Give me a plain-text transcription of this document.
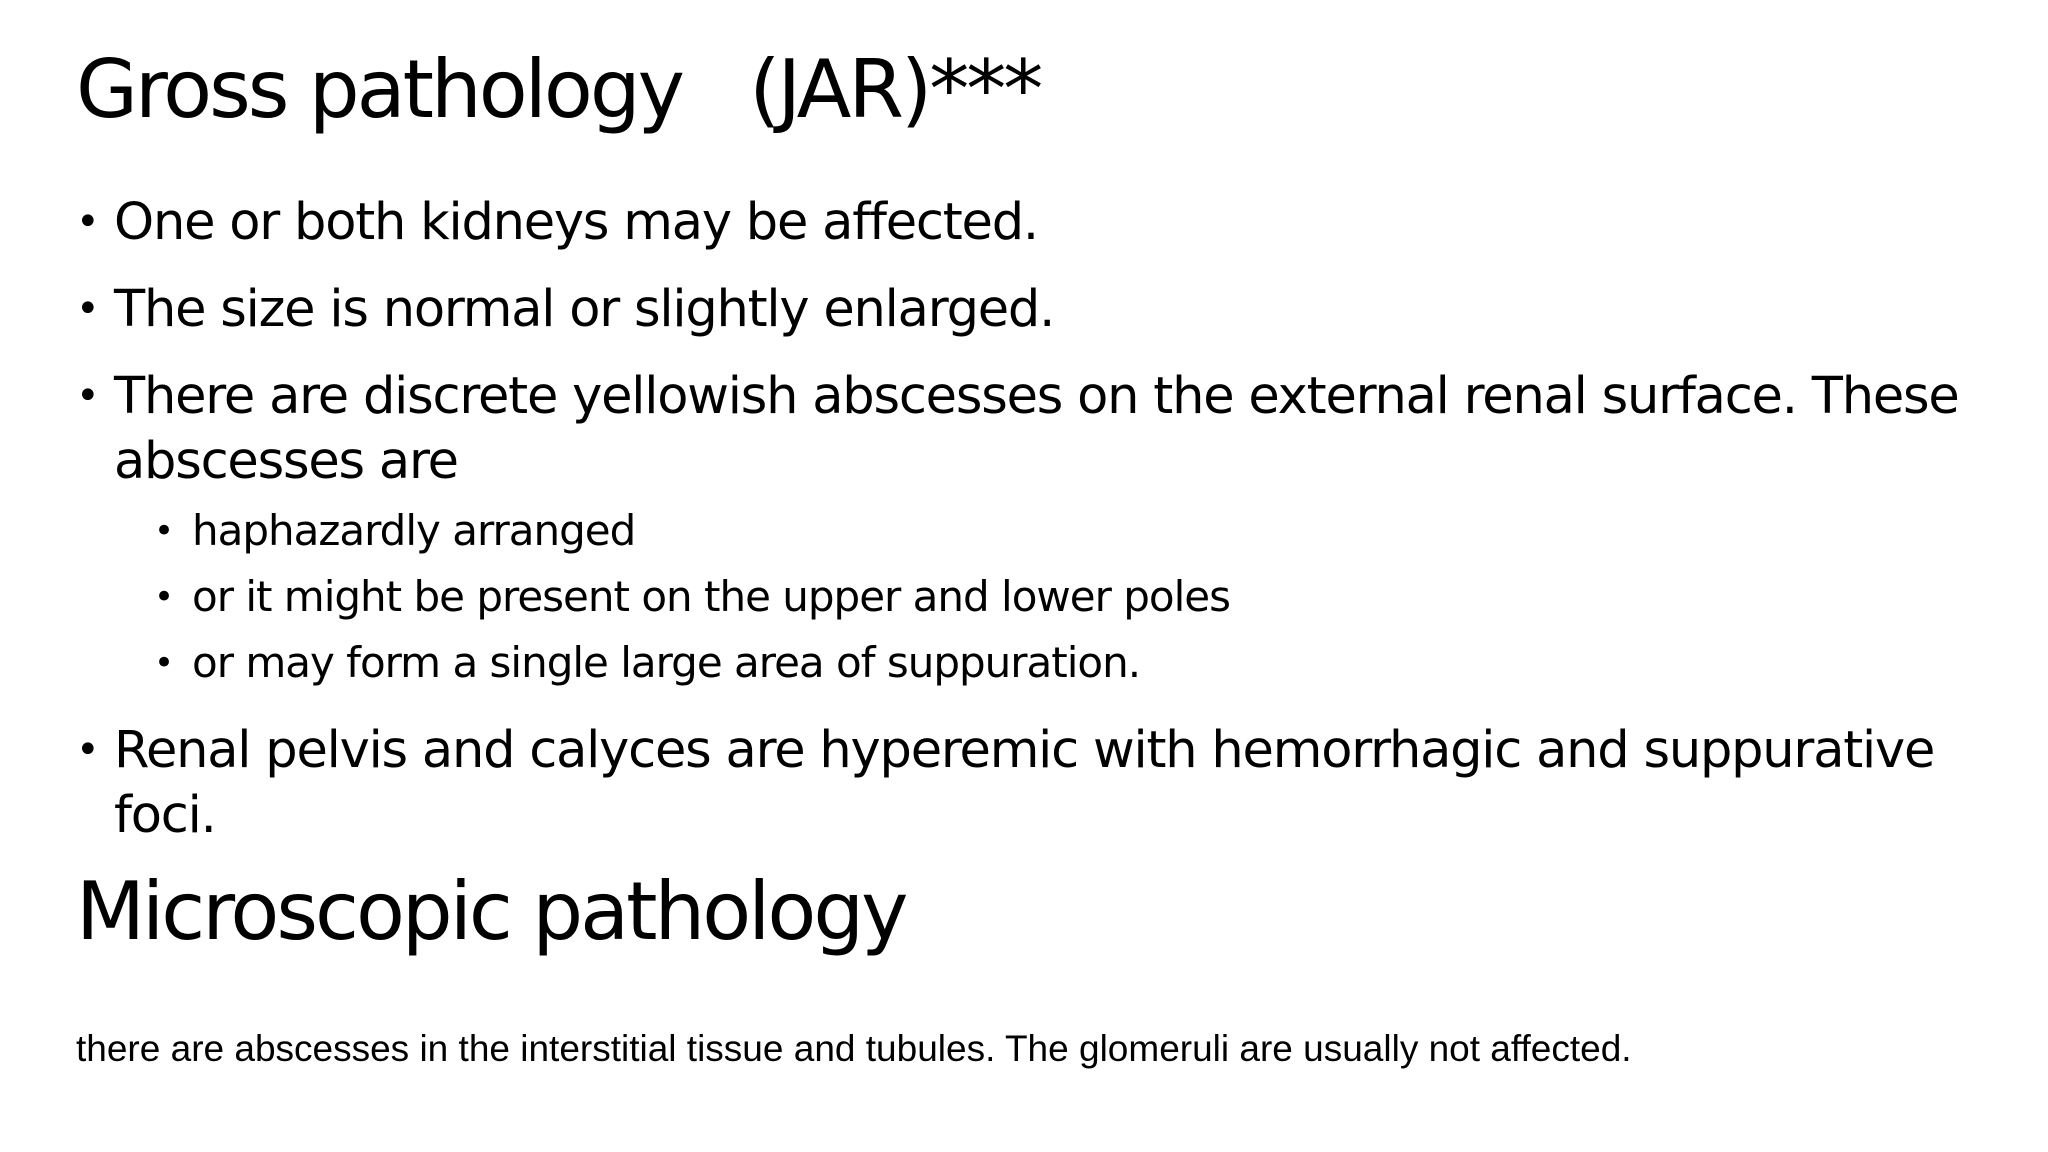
Gross pathology   (JAR)***
• One or both kidneys may be affected.
• The size is normal or slightly enlarged.
• There are discrete yellowish abscesses on the external renal surface. These abscesses are
• haphazardly arranged
• or it might be present on the upper and lower poles
• or may form a single large area of suppuration.
• Renal pelvis and calyces are hyperemic with hemorrhagic and suppurative foci.
Microscopic pathology

there are abscesses in the interstitial tissue and tubules. The glomeruli are usually not affected.
